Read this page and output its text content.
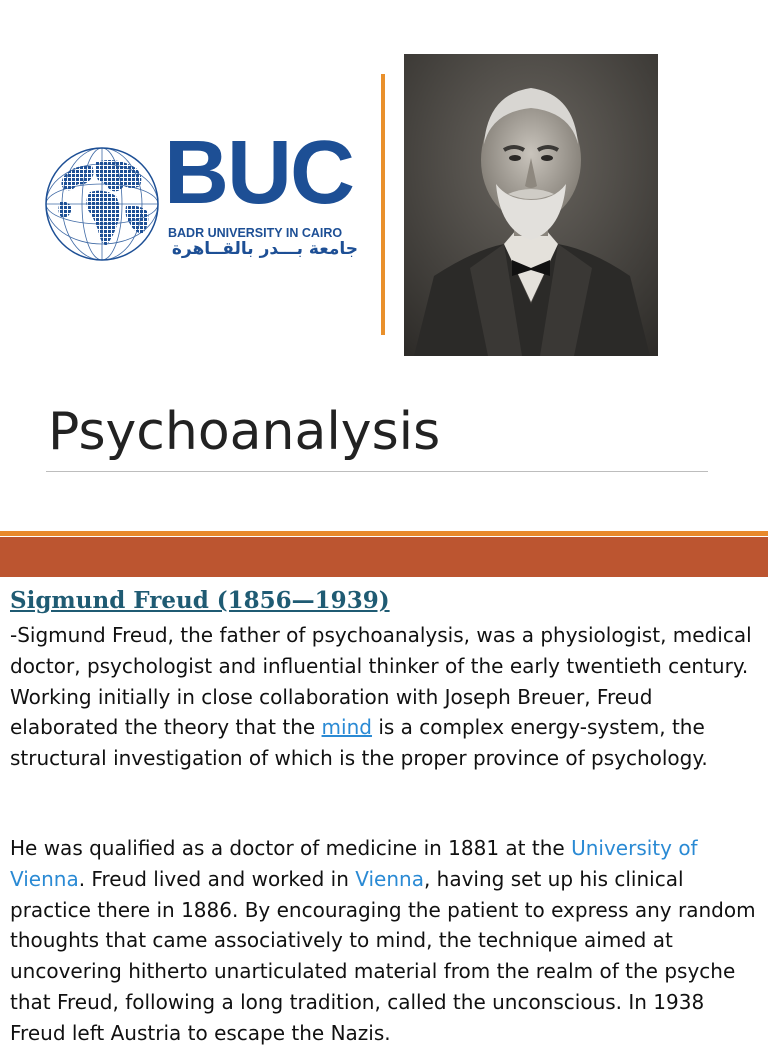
BUC
BADR UNIVERSITY IN CAIRO
جامعة بـــدر بالقــاهرة
Psychoanalysis
Sigmund Freud (1856—1939)

-Sigmund Freud, the father of psychoanalysis, was a physiologist, medical doctor, psychologist and influential thinker of the early twentieth century. Working initially in close collaboration with Joseph Breuer, Freud elaborated the theory that the mind is a complex energy-system, the structural investigation of which is the proper province of psychology.

He was qualified as a doctor of medicine in 1881 at the University of Vienna. Freud lived and worked in Vienna, having set up his clinical practice there in 1886. By encouraging the patient to express any random thoughts that came associatively to mind, the technique aimed at uncovering hitherto unarticulated material from the realm of the psyche that Freud, following a long tradition, called the unconscious. In 1938 Freud left Austria to escape the Nazis.
